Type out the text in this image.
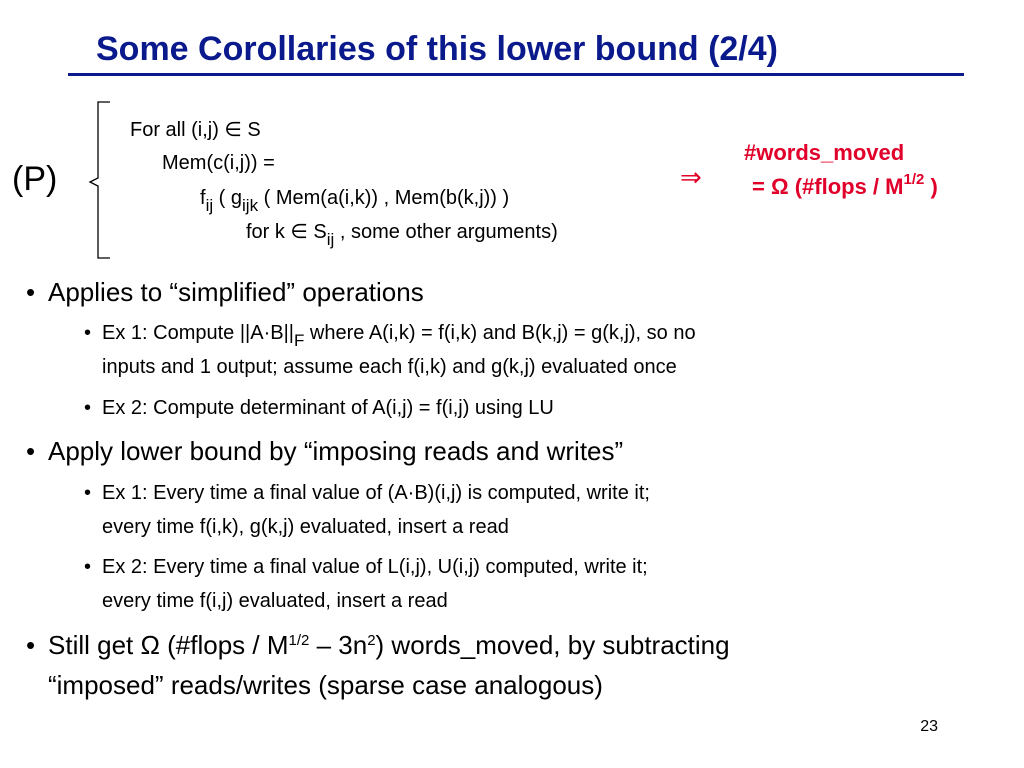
Some Corollaries of this lower bound (2/4)
(P)
For all (i,j) ∈ S
Mem(c(i,j)) =
$f_{ij}$ ( $g_{ijk}$ ( Mem(a(i,k)) , Mem(b(k,j)) )
for k ∈ $S_{ij}$ , some other arguments)
⇒
#words_moved
= Ω (#flops / $M^{1/2}$ )
• Applies to “simplified” operations
• Ex 1: Compute $||A\cdot B||_F$ where A(i,k) = f(i,k) and B(k,j) = g(k,j), so no
inputs and 1 output; assume each f(i,k) and g(k,j) evaluated once
• Ex 2: Compute determinant of A(i,j) = f(i,j) using LU
• Apply lower bound by “imposing reads and writes”
• Ex 1: Every time a final value of (A·B)(i,j) is computed, write it;
every time f(i,k), g(k,j) evaluated, insert a read
• Ex 2: Every time a final value of L(i,j), U(i,j) computed, write it;
every time f(i,j) evaluated, insert a read
• Still get Ω (#flops / $M^{1/2} - 3n^2$) words_moved, by subtracting
“imposed” reads/writes (sparse case analogous)
23
